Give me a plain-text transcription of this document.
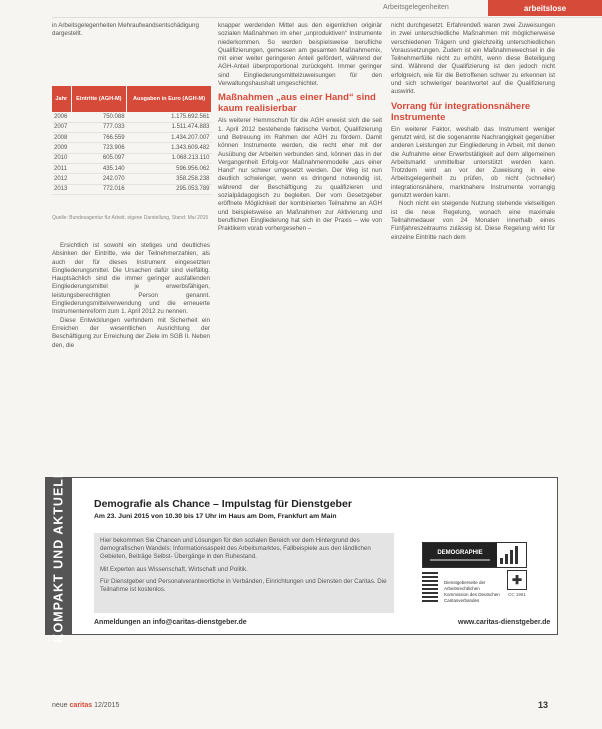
Arbeitsgelegenheiten	arbeitslose
in Arbeitsgelegenheiten Mehraufwandsentschädigung dargestellt.
Jahr	Eintritte (AGH-M)	Ausgaben in Euro (AGH-M)
2006	750.088	1.175.692.561
2007	777.033	1.511.474.883
2008	766.559	1.434.207.007
2009	723.906	1.343.609.482
2010	605.097	1.068.213.110
2011	435.140	596.956.062
2012	242.070	358.258.238
2013	772.016	295.053.789
Quelle: Bundesagentur für Arbeit, eigene Darstellung, Stand: Mai 2015

Ersichtlich ist sowohl ein stetiges und deutliches Absinken der Eintritte, wie der Teilnehmerzahlen, als auch der für dieses Instrument eingesetzten Eingliederungsmittel. Die Ursachen dafür sind vielfältig. Hauptsächlich sind die immer geringer ausfallenden Eingliederungsmittel je erwerbsfähigen, leistungsberechtigten Person genannt. Eingliederungsmittelverwendung und die erneuerte Instrumentenreform zum 1. April 2012 zu nennen.

Diese Entwicklungen verhindern mit Sicherheit ein Erreichen der wesentlichen Ausrichtung der Beschäftigung zur Erreichung der Ziele im SGB II. Neben den, die

knapper werdenden Mittel aus den eigenlichen originär sozialen Maßnahmen im eher „unproduktiven“ Instrumente niederkommen. So werden beispielsweise berufliche Qualifizierungen, gemessen am gesamten Maßnahmemix, mit einer weiter geringeren Anteil gefördert, während der AGH-Anteil überproportional zurückgeht. Immer geringer sind Eingliederungsmittelzuweisungen für den Verwaltungshaushalt umgeschichtet.

Maßnahmen „aus einer Hand“ sind kaum realisierbar

Als weiterer Hemmschuh für die AGH erweist sich die seit 1. April 2012 bestehende faktische Verbot, Qualifizierung und Betreuung im Rahmen der AGH zu fördern. Damit können Instrumente werden, die recht eher mit der Ausübung der Arbeiten verbunden sind, können das in der Vergangenheit Erfolg-vor Maßnahmenmodelle „aus einer Hand“ nur schwer umgesetzt werden. Der Weg ist nun deutlich schwieriger, wenn es dringend notwendig ist, während der Beschäftigung zu qualifizieren und sozialpädagogisch zu begleiten. Der vom Gesetzgeber eröffnete Möglichkeit der kombinierten Teilnahme an AGH und beispielsweise an Maßnahmen zur Aktivierung und beruflichen Eingliederung hat sich in der Praxis – wie von Praktikern vorab vorhergesehen –

nicht durchgesetzt. Erfahrendeß waren zwei Zuweisungen in zwei unterschiedliche Maßnahmen mit möglicherweise verschiedenen Trägern und gleichzeitig unterschiedlichen Voraussetzungen. Zudem ist ein Maßnahmewechsel in die Teilnehmerfülle nicht zu erhöht, wenn diese Beteiligung sind. Während der Qualifizierung ist den jedoch nicht erfolgreich, wie für die Betroffenen schwer zu erkennen ist und sich schwieriger beantwortet auf die Qualifizierung auswirkt.

Vorrang für integrationsnähere Instrumente

Ein weiterer Faktor, weshalb das Instrument weniger genutzt wird, ist die sogenannte Nachrangigkeit gegenüber anderen Leistungen zur Eingliederung in Arbeit, mit denen die Aufnahme einer Erwerbstätigkeit auf dem allgemeinen Arbeitsmarkt unmittelbar unterstützt werden kann. Trotzdem wird an vor der Zuweisung in eine Arbeitsgelegenheit zu prüfen, ob nicht (schneller) integrationsnähere, marktnahere Instrumente vorrangig genutzt werden kann.

Noch nicht ein steigende Nutzung stehende vielseitigen ist die neue Regelung, wonach eine maximale Teilnahmedauer von 24 Monaten innerhalb eines Fünfjahreszeitraums zulässig ist. Diese Regelung wirkt für einzelne Eintritte nach dem

KOMPAKT UND AKTUELL	Demografie als Chance – Impulstag für Dienstgeber
Am 23. Juni 2015 von 10.30 bis 17 Uhr im Haus am Dom, Frankfurt am Main

Hier bekommen Sie Chancen und Lösungen für den sozialen Bereich vor dem Hintergrund des demografischen Wandels: Informationsaspekt des Arbeitsmarktes, Fallbeispiele aus den ländlichen Gebieten, Beiträge Selbst- Übergänge in den Ruhestand.

Mit Experten aus Wissenschaft, Wirtschaft und Politik.

Für Dienstgeber und Personalverantwortliche in Verbänden, Einrichtungen und Diensten der Caritas. Die Teilnahme ist kostenlos.

Anmeldungen an info@caritas-dienstgeber.de	www.caritas-dienstgeber.de
DEMOGRAPHIE
Dienstgeberseite der Arbeitsrechtlichen Kommission des Deutschen Caritasverbandes
✚
CC 1951
neue caritas 12/2015	13
